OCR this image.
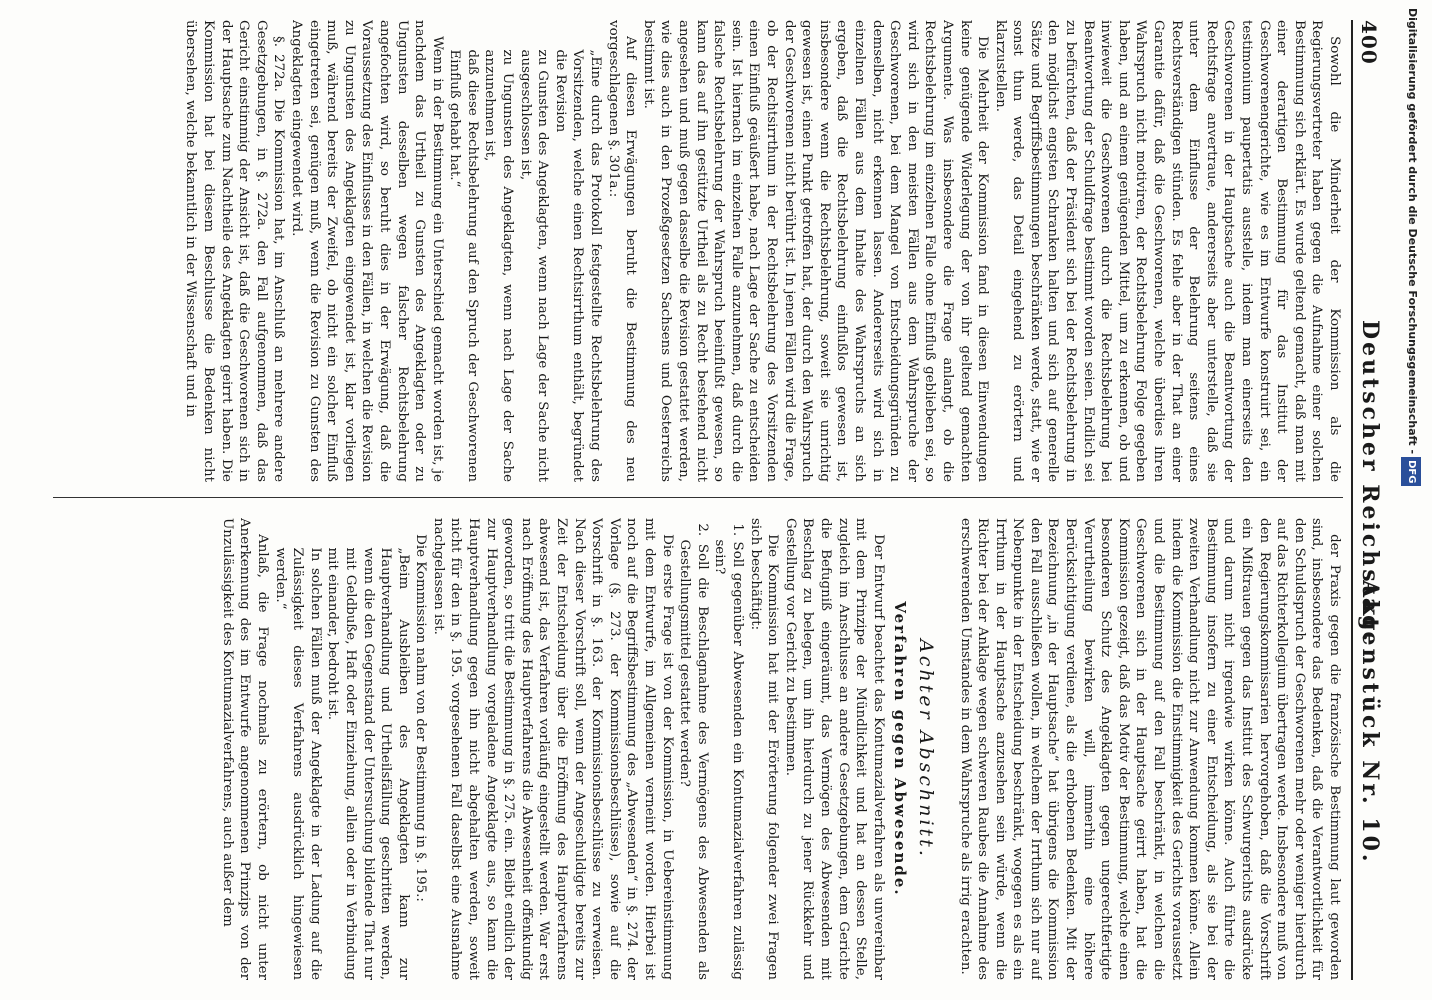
400
Deutscher Reichstag.
Aktenstück Nr. 10.

Sowohl die Minderheit der Kommission als die Regierungsvertreter haben gegen die Aufnahme einer solchen Bestimmung sich erklärt. Es wurde geltend gemacht, daß man mit einer derartigen Bestimmung für das Institut der Geschworenengerichte, wie es im Entwurfe konstruirt sei, ein testimonium paupertatis ausstelle, indem man einerseits den Geschworenen in der Hauptsache auch die Beantwortung der Rechtsfrage anvertraue, andererseits aber unterstelle, daß sie unter dem Einflusse der Belehrung seitens eines Rechtsverständigen stünden. Es fehle aber in der That an einer Garantie dafür, daß die Geschworenen, welche überdies ihren Wahrspruch nicht motiviren, der Rechtsbelehrung Folge gegeben haben, und an einem genügenden Mittel, um zu erkennen, ob und inwieweit die Geschworenen durch die Rechtsbelehrung bei Beantwortung der Schuldfrage bestimmt worden seien. Endlich sei zu befürchten, daß der Präsident sich bei der Rechtsbelehrung in den möglichst engsten Schranken halten und sich auf generelle Sätze und Begriffsbestimmungen beschränken werde, statt, wie er sonst thun werde, das Detail eingehend zu erörtern und klarzustellen.

Die Mehrheit der Kommission fand in diesen Einwendungen keine genügende Widerlegung der von ihr geltend gemachten Argumente. Was insbesondere die Frage anlangt, ob die Rechtsbelehrung im einzelnen Falle ohne Einfluß geblieben sei, so wird sich in den meisten Fällen aus dem Wahrspruche der Geschworenen, bei dem Mangel von Entscheidungsgründen zu demselben, nicht erkennen lassen. Andererseits wird sich in einzelnen Fällen aus dem Inhalte des Wahrspruchs an sich ergeben, daß die Rechtsbelehrung einflußlos gewesen ist, insbesondere wenn die Rechtsbelehrung, soweit sie unrichtig gewesen ist, einen Punkt getroffen hat, der durch den Wahrspruch der Geschworenen nicht berührt ist. In jenen Fällen wird die Frage, ob der Rechtsirrthum in der Rechtsbelehrung des Vorsitzenden einen Einfluß geäußert habe, nach Lage der Sache zu entscheiden sein. Ist hiernach im einzelnen Falle anzunehmen, daß durch die falsche Rechtsbelehrung der Wahrspruch beeinflußt gewesen, so kann das auf ihn gestützte Urtheil als zu Recht bestehend nicht angesehen und muß gegen dasselbe die Revision gestattet werden, wie dies auch in den Prozeßgesetzen Sachsens und Oesterreichs bestimmt ist.

Auf diesen Erwägungen beruht die Bestimmung des neu vorgeschlagenen §. 301a.:

„Eine durch das Protokoll festgestellte Rechtsbelehrung des Vorsitzenden, welche einen Rechtsirrthum enthält, begründet die Revision

zu Gunsten des Angeklagten, wenn nach Lage der Sache nicht ausgeschlossen ist,

zu Ungunsten des Angeklagten, wenn nach Lage der Sache anzunehmen ist,

daß diese Rechtsbelehrung auf den Spruch der Geschworenen Einfluß gehabt hat.“

Wenn in der Bestimmung ein Unterschied gemacht worden ist, je nachdem das Urtheil zu Gunsten des Angeklagten oder zu Ungunsten desselben wegen falscher Rechtsbelehrung angefochten wird, so beruht dies in der Erwägung, daß die Voraussetzung des Einflusses in den Fällen, in welchen die Revision zu Ungunsten des Angeklagten eingewendet ist, klar vorliegen muß, während bereits der Zweifel, ob nicht ein solcher Einfluß eingetreten sei, genügen muß, wenn die Revision zu Gunsten des Angeklagten eingewendet wird.

§. 272a. Die Kommission hat, im Anschluß an mehrere andere Gesetzgebungen, in §. 272a. den Fall aufgenommen, daß das Gericht einstimmig der Ansicht ist, daß die Geschworenen sich in der Hauptsache zum Nachtheile des Angeklagten geirrt haben. Die Kommission hat bei diesem Beschlusse die Bedenken nicht übersehen, welche bekanntlich in der Wissenschaft und in

der Praxis gegen die französische Bestimmung laut geworden sind, insbesondere das Bedenken, daß die Verantwortlichkeit für den Schuldspruch der Geschworenen mehr oder weniger hierdurch auf das Richterkollegium übertragen werde. Insbesondere muß von den Regierungskommissarien hervorgehoben, daß die Vorschrift ein Mißtrauen gegen das Institut des Schwurgerichts ausdrücke und darum nicht irgendwie wirken könne. Auch führte die Bestimmung insofern zu einer Entscheidung, als sie bei der zweiten Verhandlung nicht zur Anwendung kommen könne. Allein indem die Kommission die Einstimmigkeit des Gerichts voraussetzt und die Bestimmung auf den Fall beschränkt, in welchen die Geschworenen sich in der Hauptsache geirrt haben, hat die Kommission gezeigt, daß das Motiv der Bestimmung, welche einen besonderen Schutz des Angeklagten gegen ungerechtfertigte Verurtheilung bewirken will, immerhin eine höhere Berücksichtigung verdiene, als die erhobenen Bedenken. Mit der Bezeichnung „in der Hauptsache“ hat übrigens die Kommission den Fall ausschließen wollen, in welchem der Irrthum sich nur auf Nebenpunkte in der Entscheidung beschränkt, wogegen es als ein Irrthum in der Hauptsache anzusehen sein würde, wenn die Richter bei der Anklage wegen schweren Raubes die Annahme des erschwerenden Umstandes in dem Wahrspruche als irrig erachten.

Achter Abschnitt.
Verfahren gegen Abwesende.

Der Entwurf beachtet das Kontumazialverfahren als unvereinbar mit dem Prinzipe der Mündlichkeit und hat an dessen Stelle, zugleich im Anschlusse an andere Gesetzgebungen, dem Gerichte die Befugniß eingeräumt, das Vermögen des Abwesenden mit Beschlag zu belegen, um ihn hierdurch zu jener Rückkehr und Gestellung vor Gericht zu bestimmen.

Die Kommission hat mit der Erörterung folgender zwei Fragen sich beschäftigt:

1. Soll gegenüber Abwesenden ein Kontumazialverfahren zulässig sein?

2. Soll die Beschlagnahme des Vermögens des Abwesenden als Gestellungsmittel gestattet werden?

Die erste Frage ist von der Kommission, in Uebereinstimmung mit dem Entwurfe, im Allgemeinen verneint worden. Hierbei ist noch auf die Begriffsbestimmung des „Abwesenden“ in §. 274. der Vorlage (§. 273. der Kommissionsbeschlüsse), sowie auf die Vorschrift in §. 163. der Kommissionsbeschlüsse zu verweisen. Nach dieser Vorschrift soll, wenn der Angeschuldigte bereits zur Zeit der Entscheidung über die Eröffnung des Hauptverfahrens abwesend ist, das Verfahren vorläufig eingestellt werden. War erst nach Eröffnung des Hauptverfahrens die Abwesenheit offenkundig geworden, so tritt die Bestimmung in §. 275. ein. Bleibt endlich der zur Hauptverhandlung vorgeladene Angeklagte aus, so kann die Hauptverhandlung gegen ihn nicht abgehalten werden, soweit nicht für den in §. 195. vorgesehenen Fall daselbst eine Ausnahme nachgelassen ist.

Die Kommission nahm von der Bestimmung in §. 195.:

„Beim Ausbleiben des Angeklagten kann zur Hauptverhandlung und Urtheilsfällung geschritten werden, wenn die den Gegenstand der Untersuchung bildende That nur mit Geldbuße, Haft oder Einziehung, allein oder in Verbindung mit einander, bedroht ist.

In solchen Fällen muß der Angeklagte in der Ladung auf die Zulässigkeit dieses Verfahrens ausdrücklich hingewiesen werden.“

Anlaß, die Frage nochmals zu erörtern, ob nicht unter Anerkennung des im Entwurfe angenommenen Prinzips von der Unzulässigkeit des Kontumazialverfahrens, auch außer dem

Digitalisierung gefördert durch die Deutsche Forschungsgemeinschaft -DFG
